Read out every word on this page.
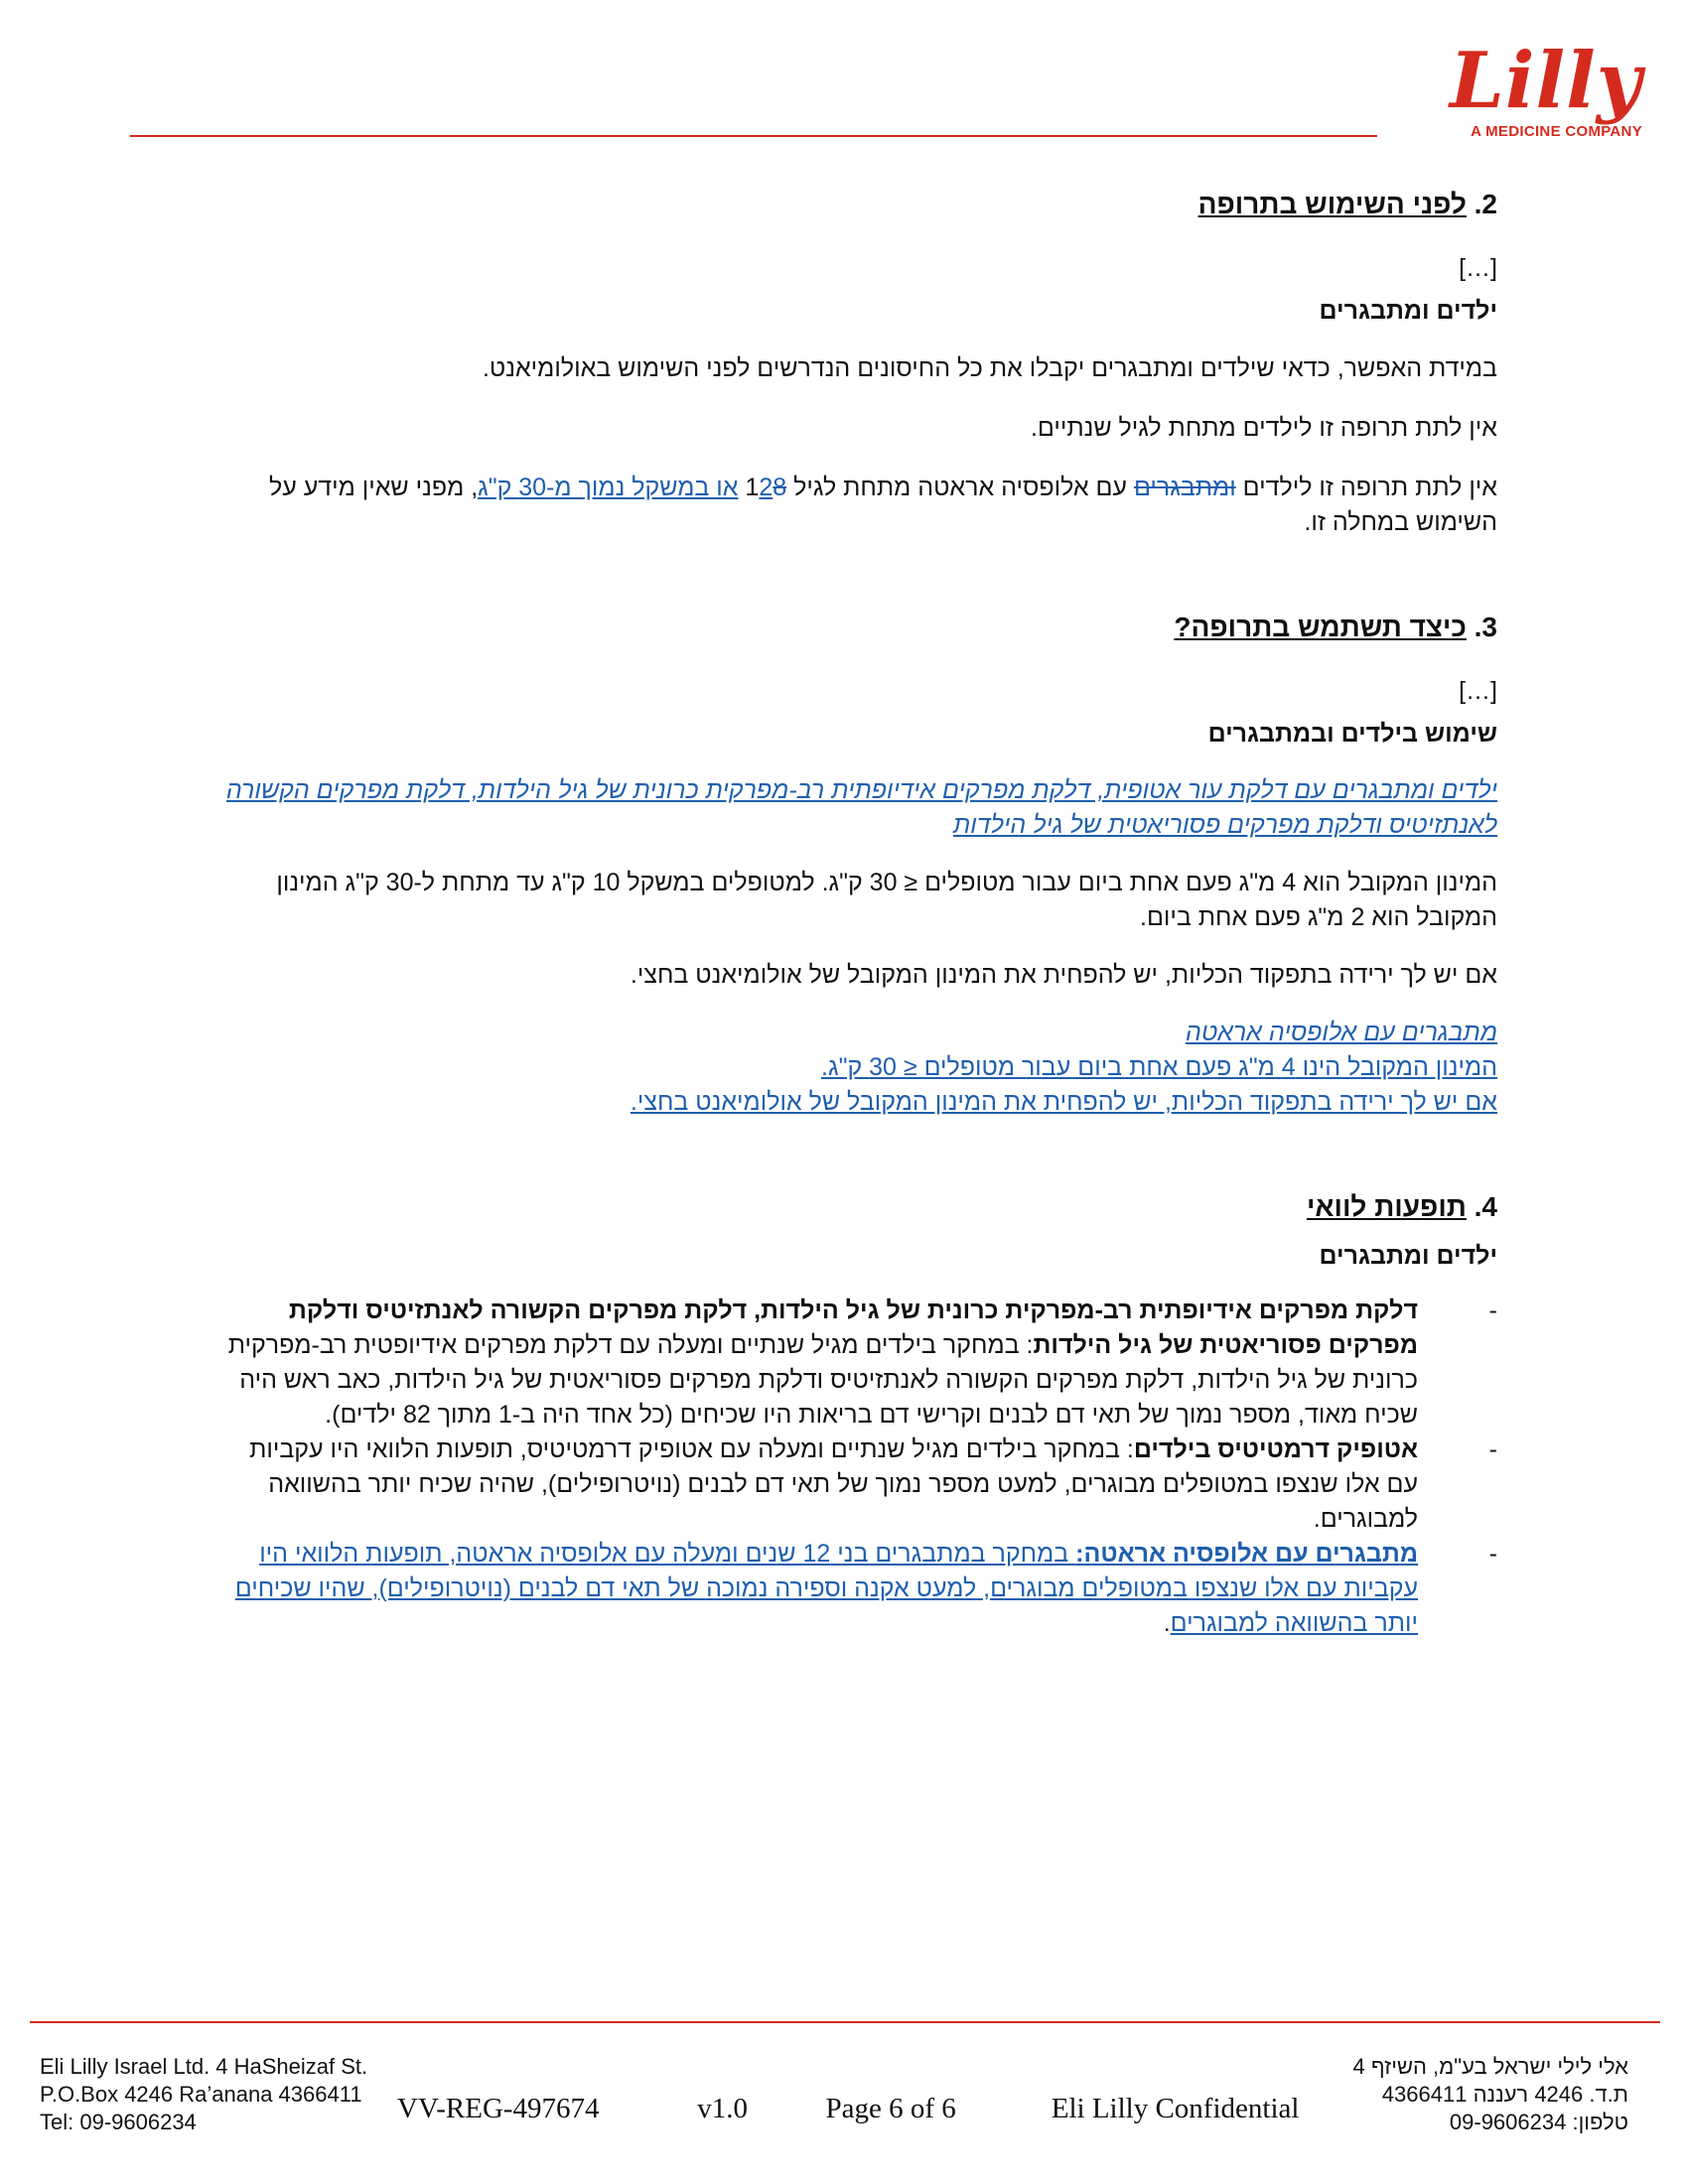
Lilly
A MEDICINE COMPANY
2. לפני השימוש בתרופה

[…]

ילדים ומתבגרים

במידת האפשר, כדאי שילדים ומתבגרים יקבלו את כל החיסונים הנדרשים לפני השימוש באולומיאנט.

אין לתת תרופה זו לילדים מתחת לגיל שנתיים.

אין לתת תרופה זו לילדים ומתבגרים עם אלופסיה אראטה מתחת לגיל 128 או במשקל נמוך מ-30 ק"ג, מפני שאין מידע על השימוש במחלה זו.

3. כיצד תשתמש בתרופה?

[…]

שימוש בילדים ובמתבגרים

ילדים ומתבגרים עם דלקת עור אטופית, דלקת מפרקים אידיופתית רב-מפרקית כרונית של גיל הילדות, דלקת מפרקים הקשורה לאנתזיטיס ודלקת מפרקים פסוריאטית של גיל הילדות

המינון המקובל הוא 4 מ"ג פעם אחת ביום עבור מטופלים ≤ 30 ק"ג. למטופלים במשקל 10 ק"ג עד מתחת ל-30 ק"ג המינון המקובל הוא 2 מ"ג פעם אחת ביום.

אם יש לך ירידה בתפקוד הכליות, יש להפחית את המינון המקובל של אולומיאנט בחצי.

מתבגרים עם אלופסיה אראטה

המינון המקובל הינו 4 מ"ג פעם אחת ביום עבור מטופלים ≤ 30 ק"ג.

אם יש לך ירידה בתפקוד הכליות, יש להפחית את המינון המקובל של אולומיאנט בחצי.

4. תופעות לוואי

ילדים ומתבגרים

-
דלקת מפרקים אידיופתית רב-מפרקית כרונית של גיל הילדות, דלקת מפרקים הקשורה לאנתזיטיס ודלקת מפרקים פסוריאטית של גיל הילדות: במחקר בילדים מגיל שנתיים ומעלה עם דלקת מפרקים אידיופטית רב-מפרקית כרונית של גיל הילדות, דלקת מפרקים הקשורה לאנתזיטיס ודלקת מפרקים פסוריאטית של גיל הילדות, כאב ראש היה שכיח מאוד, מספר נמוך של תאי דם לבנים וקרישי דם בריאות היו שכיחים (כל אחד היה ב-1 מתוך 82 ילדים).
-
אטופיק דרמטיטיס בילדים: במחקר בילדים מגיל שנתיים ומעלה עם אטופיק דרמטיטיס, תופעות הלוואי היו עקביות עם אלו שנצפו במטופלים מבוגרים, למעט מספר נמוך של תאי דם לבנים (נויטרופילים), שהיה שכיח יותר בהשוואה למבוגרים.
-
מתבגרים עם אלופסיה אראטה: במחקר במתבגרים בני 12 שנים ומעלה עם אלופסיה אראטה, תופעות הלוואי היו עקביות עם אלו שנצפו במטופלים מבוגרים, למעט אקנה וספירה נמוכה של תאי דם לבנים (נויטרופילים), שהיו שכיחים יותר בהשוואה למבוגרים.
Eli Lilly Israel Ltd. 4 HaSheizaf St.
P.O.Box 4246 Ra’anana 4366411
Tel: 09-9606234
אלי לילי ישראל בע"מ, השיזף 4
ת.ד. 4246 רעננה 4366411
טלפון: 09-9606234
VV-REG-497674	v1.0	Page 6 of 6	Eli Lilly Confidential
